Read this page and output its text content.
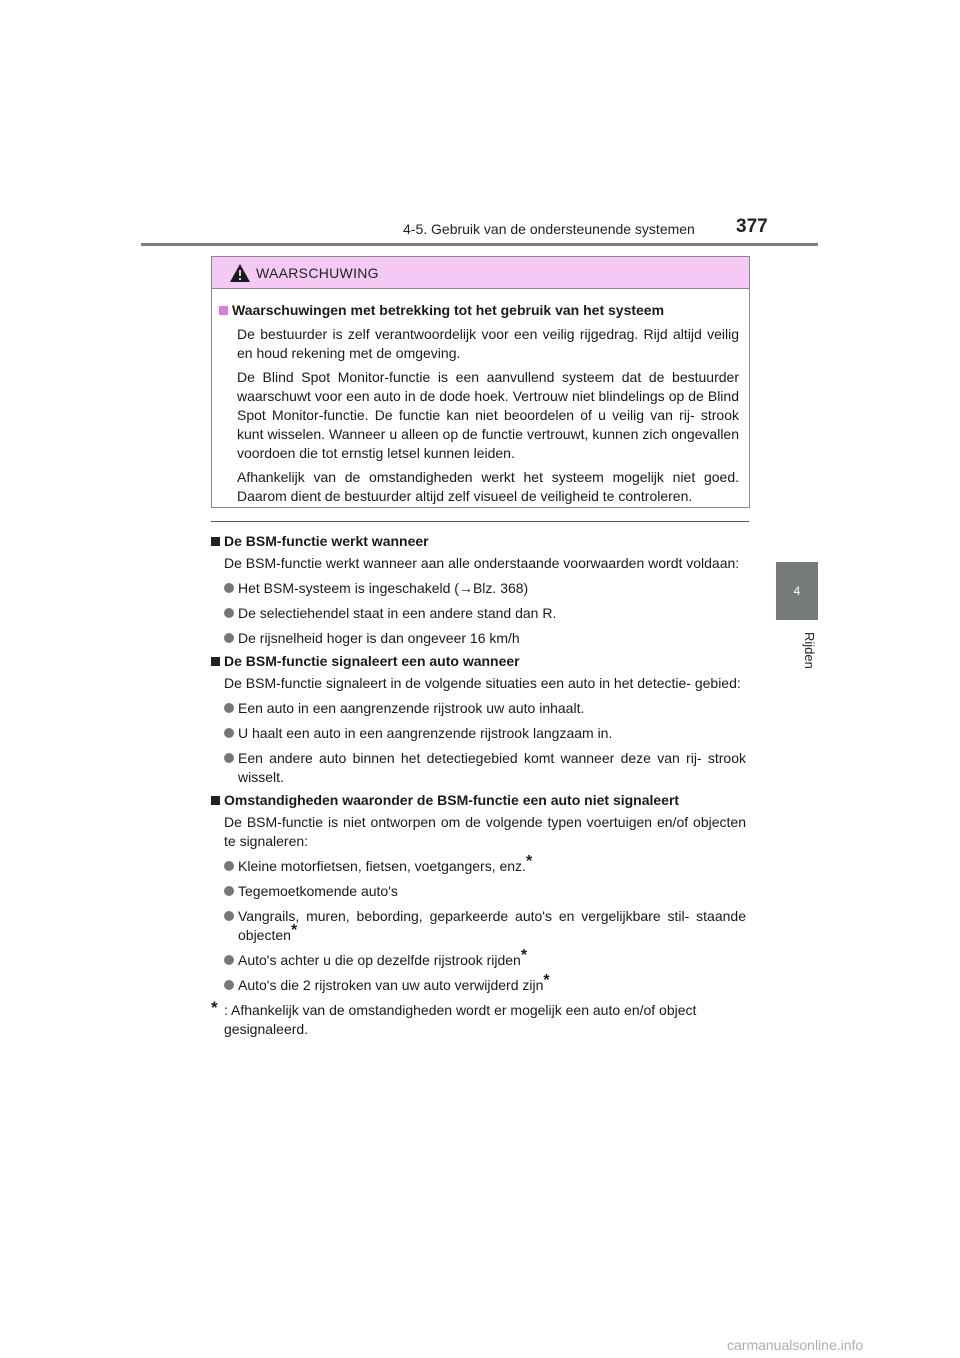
4-5. Gebruik van de ondersteunende systemen 377
4
Rijden
WAARSCHUWING
Waarschuwingen met betrekking tot het gebruik van het systeem
De bestuurder is zelf verantwoordelijk voor een veilig rijgedrag. Rijd altijd veilig en houd rekening met de omgeving.
De Blind Spot Monitor-functie is een aanvullend systeem dat de bestuurder waarschuwt voor een auto in de dode hoek. Vertrouw niet blindelings op de Blind Spot Monitor-functie. De functie kan niet beoordelen of u veilig van rij- strook kunt wisselen. Wanneer u alleen op de functie vertrouwt, kunnen zich ongevallen voordoen die tot ernstig letsel kunnen leiden.
Afhankelijk van de omstandigheden werkt het systeem mogelijk niet goed. Daarom dient de bestuurder altijd zelf visueel de veiligheid te controleren.
De BSM-functie werkt wanneer
De BSM-functie werkt wanneer aan alle onderstaande voorwaarden wordt voldaan:
Het BSM-systeem is ingeschakeld (→Blz. 368)
De selectiehendel staat in een andere stand dan R.
De rijsnelheid hoger is dan ongeveer 16 km/h
De BSM-functie signaleert een auto wanneer
De BSM-functie signaleert in de volgende situaties een auto in het detectie- gebied:
Een auto in een aangrenzende rijstrook uw auto inhaalt.
U haalt een auto in een aangrenzende rijstrook langzaam in.
Een andere auto binnen het detectiegebied komt wanneer deze van rij- strook wisselt.
Omstandigheden waaronder de BSM-functie een auto niet signaleert
De BSM-functie is niet ontworpen om de volgende typen voertuigen en/of objecten te signaleren:
Kleine motorfietsen, fietsen, voetgangers, enz.*
Tegemoetkomende auto's
Vangrails, muren, bebording, geparkeerde auto's en vergelijkbare stil- staande objecten*
Auto's achter u die op dezelfde rijstrook rijden*
Auto's die 2 rijstroken van uw auto verwijderd zijn*
* : Afhankelijk van de omstandigheden wordt er mogelijk een auto en/of object gesignaleerd.
carmanualsonline.info
